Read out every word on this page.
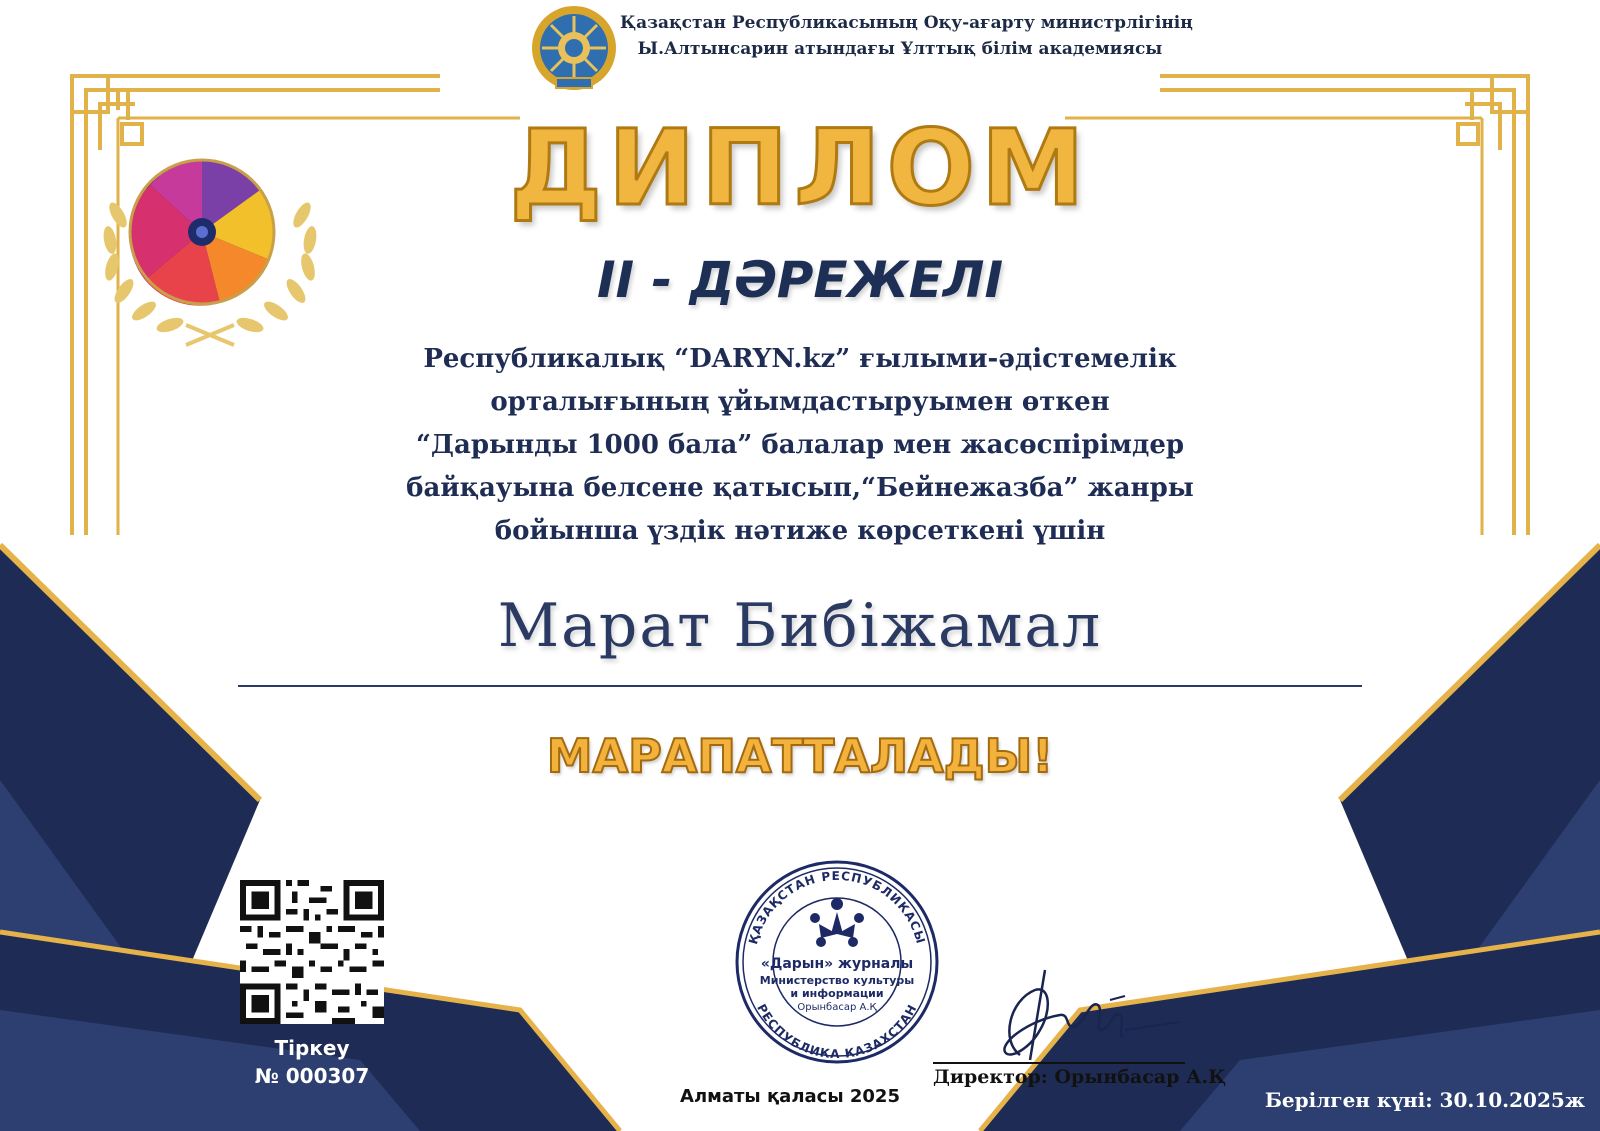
Қазақстан Республикасының Оқу-ағарту министрлігінің
Ы.Алтынсарин атындағы Ұлттық білім академиясы
ДИПЛОМ
II - ДӘРЕЖЕЛІ
Республикалық “DARYN.kz” ғылыми-әдістемелік
орталығының ұйымдастыруымен өткен
“Дарынды 1000 бала” балалар мен жасөспірімдер
байқауына белсене қатысып,“Бейнежазба” жанры
бойынша үздік нәтиже көрсеткені үшін
Марат Бибіжамал
МАРАПАТТАЛАДЫ!
Тіркеу
№ 000307
ҚАЗАҚСТАН РЕСПУБЛИКАСЫ
РЕСПУБЛИКА КАЗАХСТАН
«Дарын» журналы
Министерство культуры
и информации
Орынбасар А.Қ
Алматы қаласы 2025
Директор: Орынбасар А.Қ
Берілген күні: 30.10.2025ж
